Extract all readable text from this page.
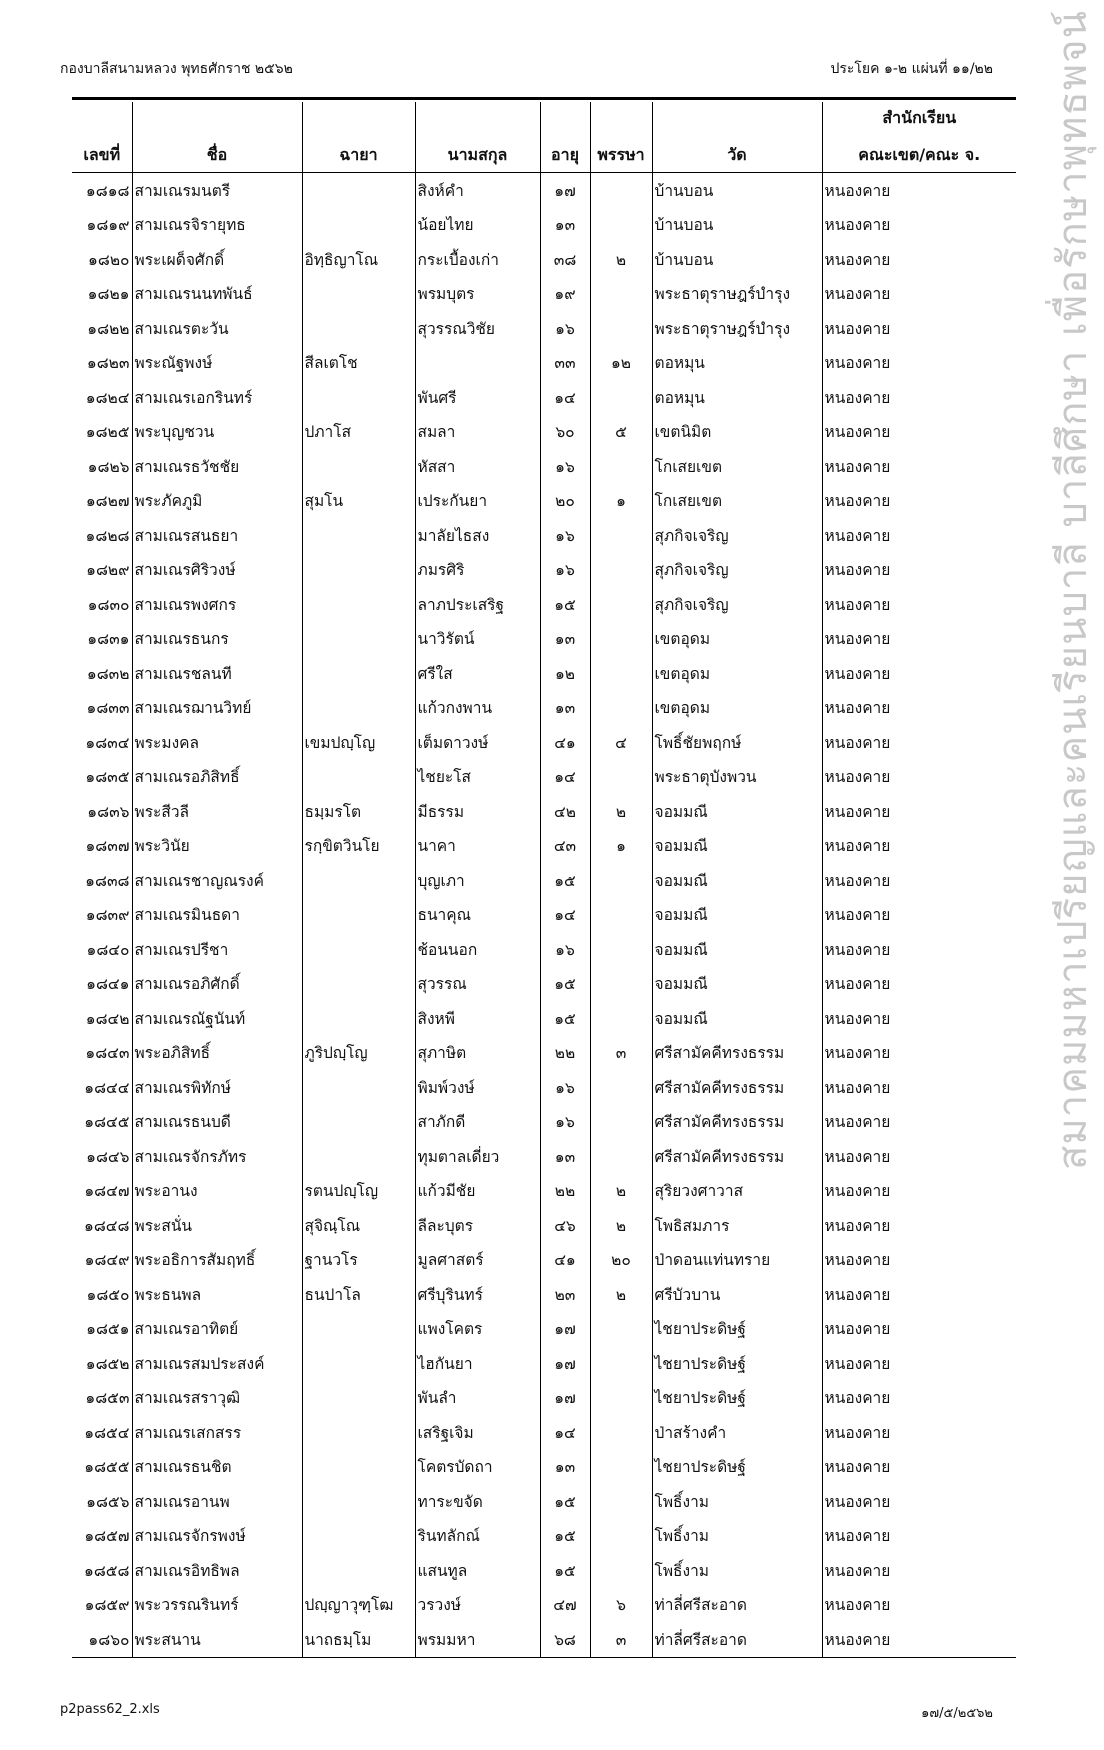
กองบาลีสนามหลวง พุทธศักราช ๒๕๖๒	ประโยค ๑-๒ แผ่นที่ ๑๑/๒๒
เลขที่	ชื่อ	ฉายา	นามสกุล	อายุ	พรรษา	วัด	สำนักเรียน
คณะเขต/คณะ จ.

๑๘๑๘	สามเณรมนตรี		สิงห์คำ	๑๗		บ้านบอน	หนองคาย
๑๘๑๙	สามเณรจิรายุทธ		น้อยไทย	๑๓		บ้านบอน	หนองคาย
๑๘๒๐	พระเผด็จศักดิ์	อิทฺธิญาโณ	กระเบื้องเก่า	๓๘	๒	บ้านบอน	หนองคาย
๑๘๒๑	สามเณรนนทพันธ์		พรมบุตร	๑๙		พระธาตุราษฎร์บำรุง	หนองคาย
๑๘๒๒	สามเณรตะวัน		สุวรรณวิชัย	๑๖		พระธาตุราษฎร์บำรุง	หนองคาย
๑๘๒๓	พระณัฐพงษ์	สีลเตโช		๓๓	๑๒	ตอหมุน	หนองคาย
๑๘๒๔	สามเณรเอกรินทร์		พันศรี	๑๔		ตอหมุน	หนองคาย
๑๘๒๕	พระบุญชวน	ปภาโส	สมลา	๖๐	๕	เขตนิมิต	หนองคาย
๑๘๒๖	สามเณรธวัชชัย		หัสสา	๑๖		โกเสยเขต	หนองคาย
๑๘๒๗	พระภัคภูมิ	สุมโน	เประกันยา	๒๐	๑	โกเสยเขต	หนองคาย
๑๘๒๘	สามเณรสนธยา		มาลัยไธสง	๑๖		สุภกิจเจริญ	หนองคาย
๑๘๒๙	สามเณรศิริวงษ์		ภมรศิริ	๑๖		สุภกิจเจริญ	หนองคาย
๑๘๓๐	สามเณรพงศกร		ลาภประเสริฐ	๑๕		สุภกิจเจริญ	หนองคาย
๑๘๓๑	สามเณรธนกร		นาวิรัตน์	๑๓		เขตอุดม	หนองคาย
๑๘๓๒	สามเณรชลนที		ศรีใส	๑๒		เขตอุดม	หนองคาย
๑๘๓๓	สามเณรฌานวิทย์		แก้วกงพาน	๑๓		เขตอุดม	หนองคาย
๑๘๓๔	พระมงคล	เขมปญฺโญ	เต็มดาวงษ์	๔๑	๔	โพธิ์ชัยพฤกษ์	หนองคาย
๑๘๓๕	สามเณรอภิสิทธิ์		ไชยะโส	๑๔		พระธาตุบังพวน	หนองคาย
๑๘๓๖	พระสีวลี	ธมฺมรโต	มีธรรม	๔๒	๒	จอมมณี	หนองคาย
๑๘๓๗	พระวินัย	รกฺขิตวินโย	นาคา	๔๓	๑	จอมมณี	หนองคาย
๑๘๓๘	สามเณรชาญณรงค์		บุญเภา	๑๕		จอมมณี	หนองคาย
๑๘๓๙	สามเณรมินธดา		ธนาคุณ	๑๔		จอมมณี	หนองคาย
๑๘๔๐	สามเณรปรีชา		ช้อนนอก	๑๖		จอมมณี	หนองคาย
๑๘๔๑	สามเณรอภิศักดิ์		สุวรรณ	๑๕		จอมมณี	หนองคาย
๑๘๔๒	สามเณรณัฐนันท์		สิงหพี	๑๕		จอมมณี	หนองคาย
๑๘๔๓	พระอภิสิทธิ์	ภูริปญฺโญ	สุภาษิต	๒๒	๓	ศรีสามัคคีทรงธรรม	หนองคาย
๑๘๔๔	สามเณรพิทักษ์		พิมพ์วงษ์	๑๖		ศรีสามัคคีทรงธรรม	หนองคาย
๑๘๔๕	สามเณรธนบดี		สาภักดี	๑๖		ศรีสามัคคีทรงธรรม	หนองคาย
๑๘๔๖	สามเณรจักรภัทร		ทุมตาลเดี่ยว	๑๓		ศรีสามัคคีทรงธรรม	หนองคาย
๑๘๔๗	พระอานง	รตนปญฺโญ	แก้วมีชัย	๒๒	๒	สุริยวงศาวาส	หนองคาย
๑๘๔๘	พระสนั่น	สุจิณฺโณ	ลีละบุตร	๔๖	๒	โพธิสมภาร	หนองคาย
๑๘๔๙	พระอธิการสัมฤทธิ์	ฐานวโร	มูลศาสตร์	๔๑	๒๐	ป่าดอนแท่นทราย	หนองคาย
๑๘๕๐	พระธนพล	ธนปาโล	ศรีบุรินทร์	๒๓	๒	ศรีบัวบาน	หนองคาย
๑๘๕๑	สามเณรอาทิตย์		แพงโคตร	๑๗		ไชยาประดิษฐ์	หนองคาย
๑๘๕๒	สามเณรสมประสงค์		ไฮกันยา	๑๗		ไชยาประดิษฐ์	หนองคาย
๑๘๕๓	สามเณรสราวุฒิ		พันลำ	๑๗		ไชยาประดิษฐ์	หนองคาย
๑๘๕๔	สามเณรเสกสรร		เสริฐเจิม	๑๔		ป่าสร้างคำ	หนองคาย
๑๘๕๕	สามเณรธนชิต		โคตรบัดถา	๑๓		ไชยาประดิษฐ์	หนองคาย
๑๘๕๖	สามเณรอานพ		ทาระขจัด	๑๕		โพธิ์งาม	หนองคาย
๑๘๕๗	สามเณรจักรพงษ์		รินทลักณ์	๑๕		โพธิ์งาม	หนองคาย
๑๘๕๘	สามเณรอิทธิพล		แสนทูล	๑๕		โพธิ์งาม	หนองคาย
๑๘๕๙	พระวรรณรินทร์	ปญฺญาวุฑฺโฒ	วรวงษ์	๔๗	๖	ท่าลี่ศรีสะอาด	หนองคาย
๑๘๖๐	พระสนาน	นาถธมฺโม	พรมมหา	๖๘	๓	ท่าลี่ศรีสะอาด	หนองคาย
สมาคมมหาเปรียญและคนเรียนบาลี บาลีศึกษา เพื่อรักษาพุทธพจน์
p2pass62_2.xls	๑๗/๕/๒๕๖๒
